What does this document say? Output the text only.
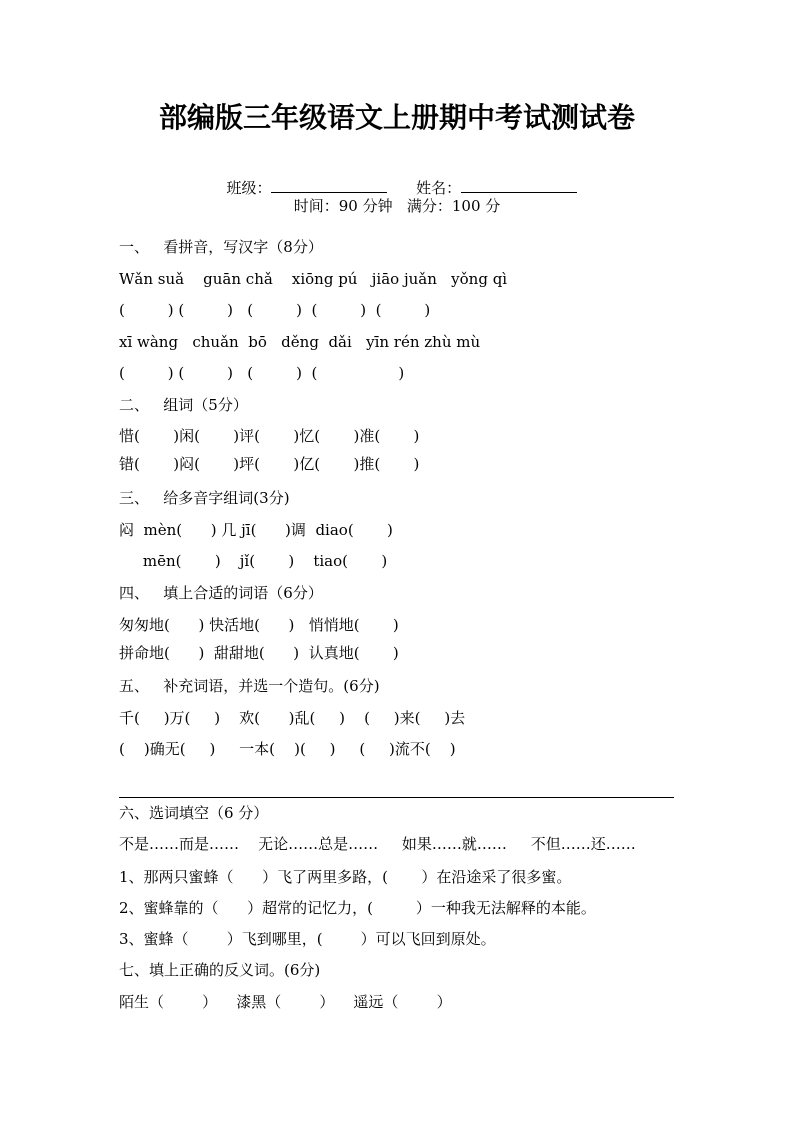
部编版三年级语文上册期中考试测试卷

班级：	姓名：

时间：90 分钟   满分：100 分
一、   看拼音，写汉字（8分）
Wǎn suǎ    guān chǎ    xiōng pú   jiāo juǎn   yǒng qì
(         ) (         )   (         )  (         )  (         )
xī wàng   chuǎn  bō   děng  dǎi   yīn rén zhù mù
(         ) (         )   (         )  (                 )
二、   组词（5分）
惜(       )闲(       )评(       )忆(       )准(       )
错(       )闷(       )坪(       )亿(       )推(       )
三、   给多音字组词(3分)
闷  mèn(      ) 几 jī(      )调  diao(       )
mēn(       )    jǐ(       )    tiao(       )
四、   填上合适的词语（6分）
匆匆地(      ) 快活地(      )   悄悄地(       )
拼命地(      )  甜甜地(      )  认真地(       )
五、   补充词语，并选一个造句。(6分)
千(     )万(     )    欢(      )乱(     )    (     )来(     )去
(    )确无(     )     一本(    )(     )     (     )流不(    )
六、选词填空（6 分）
不是……而是……    无论……总是……     如果……就……     不但……还……
1、那两只蜜蜂（      ）飞了两里多路，(       ）在沿途采了很多蜜。
2、蜜蜂靠的（      ）超常的记忆力，(         ）一种我无法解释的本能。
3、蜜蜂（        ）飞到哪里，(        ）可以飞回到原处。
七、填上正确的反义词。(6分)
陌生（        ）    漆黑（        ）    遥远（        ）
